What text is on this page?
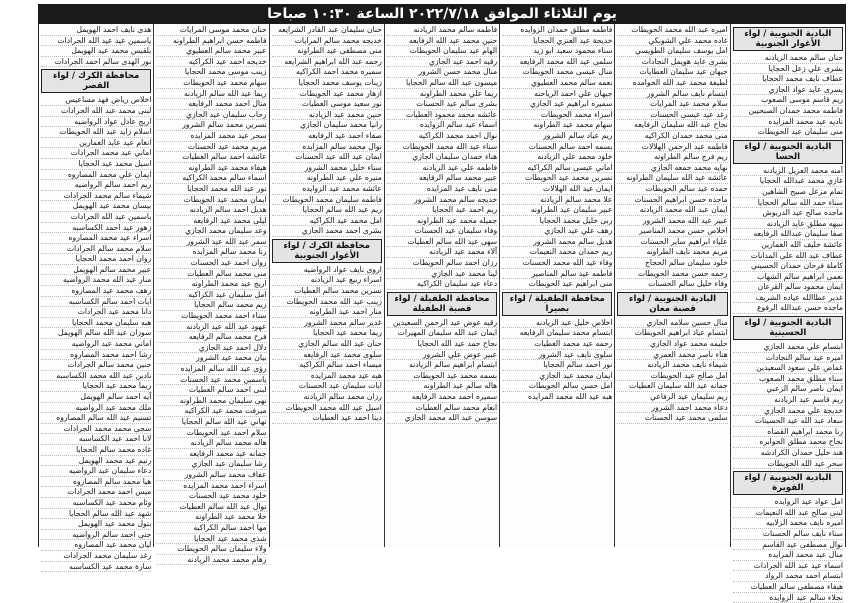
يوم الثلاثاء الموافق ٢٠٢٢/٧/١٨ الساعة ١٠:٣٠ صباحا
البادية الجنوبية / لواء الأغوار الجنوبية
حنان سالم محمد الزيادنه
بشرى علي زعل الحجايا
عطاف نايف محمد الحجايا
يسرى عايد عواد الجازي
ريم قاسم موسى الصعوب
فاطمه محمد حمدان الصبحيين
ناديه عيد محمد المزايده
منى سليمان عيد الحويطات
البادية الجنوبية / لواء الحسا
آمنه محمد العزيل الزيادنه
غازي محمد عبدالله الحجايا
تمام مزعل صبيح الشاهين
سناء حمد الله سالم الحجايا
ماجده صالح عيد الدريوش
نبيهه مطلق عايد الزيادنه
صفا سليمان عبدالله الرفايعه
عائشة خليف الله العمارين
عطاف عبد الله على المدانات
كاملة فرحان حمدان الحسيني
نعمى ابراهيم سالم الشهاب
ايمان محمود سالم القرعان
غدير عطاالله عياده الشريف
ماجده حسن عبدالله الرفوع
البادية الجنوبية / لواء الحسينية
ابتسام علي محمد الجازي
اميره عيد سالم النجادات
غماض علي سعود السعيدين
سناء مطلق محمد الصعوب
ايمان ناصر سالم الزعبي
ريم قاسم عيد الزيادنه
خديجة علي محمد الجازي
سعاد عبد الله عيد الحسينات
رنا محمد ابراهيم القضاه
نجاح محمد مطلق الجوابره
هند خليل حمدان الكرادشه
سحر عيد الله الحويطات
البادية الجنوبية / لواء القويرة
امل عواد عيد الزوايده
لبنى صالح عبد الله النعيمات
اميره نايف محمد الزلابيه
سناء نايف سالم الحسنات
نوال مصطفى عيد القاسم
منال عيد محمد المزايده
اسماء عيد عبد الله الجرادات
ابتسام احمد محمد الرواد
هيفاء مصطفى سالم العطيات
نجلاء سالم عيد الزوايده
اميره عبد الله محمد الحويطات
غاده محمد علي الشوبكي
امل يوسف سليمان الطويسي
بشرى عايد هويمل النجادات
جيهان عيد سليمان العطايات
لطيفة محمد عبد الله الحوامده
ابتسام نايف سالم الشرور
سلام محمد عيد المرايات
رغد عيد عيسى الحسنات
نجاح عبد الله سليمان الرفايعه
منى محمد حمدان الكراكيه
فاطمه عيد الرحمن الهلالات
ريم فرج سالم الطراونه
نهايه محمد جمعه الجازي
عائشه عيد الله سليمان الطراونه
حمده عيد سالم الحويطات
ماجده حسن ابراهيم الحسنات
ايمان عبد الله محمد الزيادنه
عبير عيد الله محمد الشرور
اخلاص حسن محمد المناصير
علياء ابراهيم ساير الحسنات
مريم محمد نايف الطراونه
خلود سليمان سالم الحجاج
رحمه حسن محمد الحويطات
وفاء خليل سالم الحسنات
البادية الجنوبية / لواء قصبة معان
منال حسين سلامه الجازي
ابتسام عياد ابراهيم الحويطات
حليمه محمد عواد الجازي
هناء ناصر محمد العمري
شيماء نايف محمد الزيادنه
امل صالح عيد الحويطات
جمانه عيد الله سليمان العطيات
ريم سليمان عيد الرفاعي
دعاء محمد احمد الشرور
سلمى محمد عيد الحسنات
فاطمه مطلق حمدان الزوايده
خديجة عيد العنزي الحجايا
سناء محمود سعيد ابو زيد
سلمى عيد الله محمد الرفايعه
منال عيسى محمد الحويطات
نعمه سالم محمد العطيوي
جيهان علي احمد الرياحنه
سميره ابراهيم عيد الجازي
اسراء محمد الحويطات
سهام محمد عيد الطراونه
ريم عياد سالم الشرور
بسمه احمد سالم الحسنات
خلود محمد علي الزيادنه
اماني عيسى سالم الكراكيه
نسرين محمد عيد الحويطات
ايمان عيد الله الهلالات
علا محمد سالم الزيادنه
عبير سليمان عيد الطراونه
ربى خليل محمد الحجايا
رهف علي عيد الجازي
هديل سالم محمد الشرور
ريم حمدان محمد النعيمات
وفاء عيد الله محمد الحسنات
فاطمه عيد سالم المناصير
منى ابراهيم عيد الحويطات
محافظة الطفيلة / لواء بصيرا
اخلاص خليل عيد الزيادنه
ابتسام محمد سليمان الرفايعه
رحمه عيد محمد العطيات
سلوى نايف عيد الشرور
نور احمد سالم الحجايا
ايمان محمد عيد الجازي
امل حسن سالم الحويطات
هبه عيد الله محمد المزايده
فاطمه سالم محمد الزيادنه
حنين محمد عيد الله الرفايعه
الهام عيد سليمان الحويطات
رقيه احمد عيد الجازي
منال محمد حسن الشرور
ميسون عيد الله سالم الحجايا
ريما علي محمد الطراونه
بشرى سالم عيد الحسنات
عائشه محمد محمود العطيات
اسماء عيد سالم الزوايده
نوال احمد محمد الكراكيه
سناء عيد الله محمد الحويطات
هناء حمدان سليمان الجازي
فاطمه علي عيد الزيادنه
عبير محمد سالم الرفايعه
منى نايف عيد المزايده
خديجه سالم محمد الشرور
ريم احمد عيد الحجايا
جميله محمد عيد الطراونه
وفاء سليمان عيد الحسنات
سهى عيد الله سالم العطيات
آلاء محمد عيد الزيادنه
رزان احمد سالم الحويطات
لينا محمد عيد الجازي
دعاء عيد سليمان الكراكيه
محافظة الطفيلة / لواء قصبة الطفيلة
رقيه عوض عيد الرحمن السعيدين
ايمان عبد الله سليمان المهيرات
نجاح حمد عيد الله الحجايا
عبير عوض علي الشرور
ابتسام ابراهيم سالم الزيادنه
بسمه محمد عيد الحويطات
هاله سالم عيد الطراونه
سميره احمد محمد الرفايعه
انعام محمد سالم العطيات
سوسن عيد الله محمد الجازي
حنان سليمان عبد القادر الشرايعه
خديجه محمد سالم المرايات
منى مصطفى عيد الطراونه
رحمه عبد الله ابراهيم الشرايعه
سميره محمد احمد الكراكيه
زينات يوسف محمد الحجايا
ازهار محمد عيد الحويطات
نور سعيد موسى العطيات
حنين محمد عيد الزيادنه
رانيا محمد سليمان الجازي
صفاء احمد عيد الرفايعه
نوال محمد سالم المزايده
ايمان عيد الله عيد الحسنات
سناء خليل محمد الشرور
منيره علي عيد الطراونه
عائشه محمد عيد الزوايده
فاطمه سليمان محمد الحويطات
ريم عيد الله سالم الحجايا
امل محمد عيد الكراكيه
بشرى احمد محمد الجازي
محافظة الكرك / لواء الأغوار الجنوبية
اروى نايف عواد الرواضيه
اسراء ربيع عيد الزيادنه
نسرين محمد سالم العطيات
زينب عيد الله محمد الحويطات
منار احمد عيد الطراونه
غدير سالم محمد الشرور
ريما محمد عيد الحجايا
حنان عيد الله سالم الجازي
سلوى محمد عيد الرفايعه
ميساء احمد سالم الكراكيه
هبه عيد محمد المزايده
ايات سليمان عيد الحسنات
رزان محمد سالم الزيادنه
اسيل عيد الله محمد الحويطات
دينا احمد عيد العطيات
حنان محمد موسى المرايات
فاطمه حسن ابراهيم الطراونه
عبير محمد سالم العطيوي
خديجه احمد عيد الكراكيه
زينب موسى محمد الحجايا
سهام محمد عيد الحويطات
ريما عيد الله سالم الزيادنه
منال احمد محمد الرفايعه
رحاب سليمان عيد الجازي
نسرين محمد سالم الشرور
سحر عيد محمد المزايده
مريم محمد عيد الحسنات
عائشه احمد سالم العطيات
هيفاء محمد عيد الطراونه
اسماء سالم محمد الكراكيه
نور عيد الله محمد الحجايا
ايمان محمد عيد الحويطات
هديل احمد سالم الزيادنه
ليلى محمد عيد الرفايعه
وعد سليمان محمد الجازي
سمر عيد الله عيد الشرور
رنا محمد سالم المزايده
روان احمد عيد الحسنات
منى محمد سالم العطيات
اريج عيد محمد الطراونه
امل سليمان عيد الكراكيه
ريم محمد سالم الحجايا
سناء احمد محمد الحويطات
عهود عيد الله عيد الزيادنه
فرح محمد سالم الرفايعه
دلال احمد عيد الجازي
بيان محمد عيد الشرور
رؤى عيد الله سالم المزايده
ياسمين محمد عيد الحسنات
لبنى احمد سالم العطيات
نهى سليمان محمد الطراونه
ميرفت محمد عيد الكراكيه
تهاني عيد الله سالم الحجايا
سلام احمد عيد الحويطات
هاله محمد سالم الزيادنه
جمانه عيد محمد الرفايعه
رشا سليمان عيد الجازي
عفاف محمد سالم الشرور
اسراء احمد محمد المزايده
خلود محمد عيد الحسنات
نوال عيد الله سالم العطيات
حلا محمد عيد الطراونه
مها احمد سالم الكراكيه
شذى محمد عيد الحجايا
ولاء سليمان سالم الحويطات
رهام محمد محمد الزيادنه
هدى نايف احمد الهويمل
ياسمين عيد عيد الله الجرادات
بلقيس محمد عيد الهويمل
نور الهدى سالم احمد الجرادات
محافظة الكرك / لواء القصر
اخلاص رياض فهد مساعيس
لبنى محمد عبد الله الجرادات
اريج عادل عواد الرواضيه
اسلام زايد عبد الله الحويطات
انغام عيد عايد العمارين
اماني عيد محمد الجرادات
اسيل محمد عيد الحجايا
ايمان علي محمد المصاروه
ريم احمد سالم الرواضيه
شيماء سالم محمد الجرادات
بيسان محمد عيد الهويمل
ياسمين عيد الله الجرادات
زهور عيد احمد الكساسبه
اسراء عيد محمد المصاروه
سلام محمد سالم الجرادات
روان احمد محمد الحجايا
عبير محمد سالم الهويمل
منار عيد الله محمد الرواضيه
رهف محمد عيد المصاروه
ايات احمد سالم الكساسبه
دانا محمد عيد الجرادات
هبه سليمان محمد الحجايا
سوزان عيد الله سالم الهويمل
اماني محمد عيد الرواضيه
رشا احمد محمد المصاروه
حنين محمد سالم الجرادات
نادين عيد الله محمد الكساسبه
ريما محمد عيد الحجايا
آيه احمد سالم الهويمل
ملك محمد عيد الرواضيه
تسنيم عيد الله سالم المصاروه
سجى محمد محمد الجرادات
لانا احمد عيد الكساسبه
غاده محمد سالم الحجايا
رنيم عيد محمد الهويمل
دعاء سليمان عيد الرواضيه
هيا محمد سالم المصاروه
ميس احمد محمد الجرادات
وئام محمد عيد الكساسبه
شهد عيد الله سالم الحجايا
بتول محمد عيد الهويمل
جنى احمد سالم الرواضيه
ليان محمد عيد المصاروه
رغد سليمان محمد الجرادات
سارة محمد عيد الكساسبه
